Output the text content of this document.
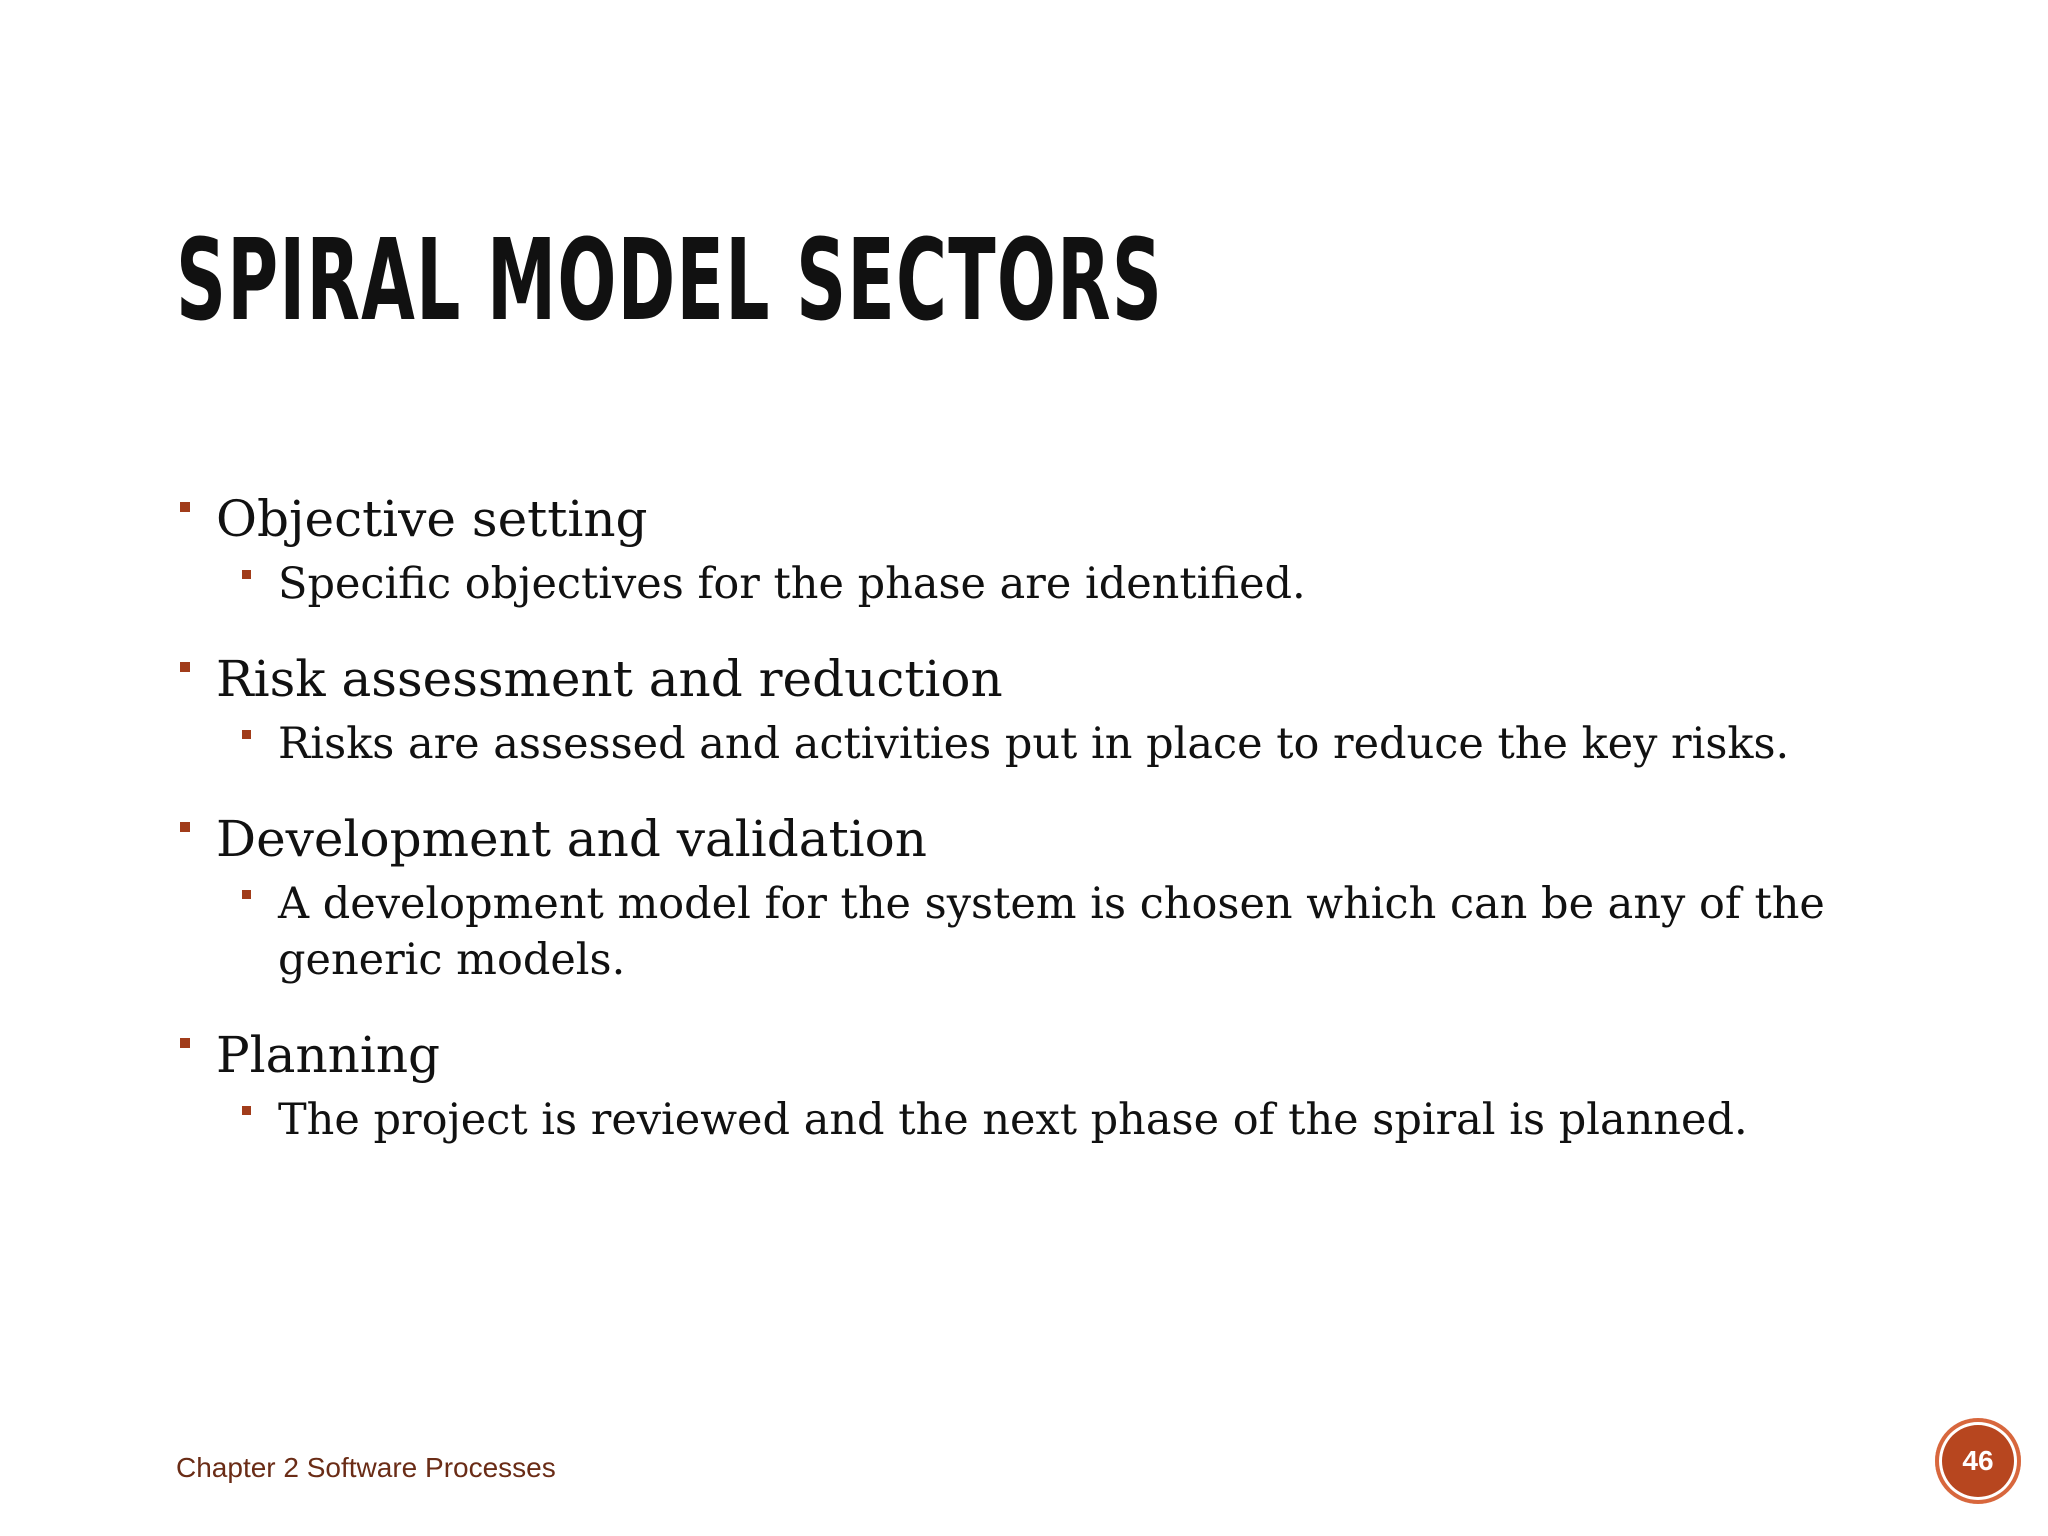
SPIRAL MODEL SECTORS

Objective setting

Specific objectives for the phase are identified.

Risk assessment and reduction

Risks are assessed and activities put in place to reduce the key risks.

Development and validation

A development model for the system is chosen which can be any of the generic models.

Planning

The project is reviewed and the next phase of the spiral is planned.

Chapter 2 Software Processes	46
